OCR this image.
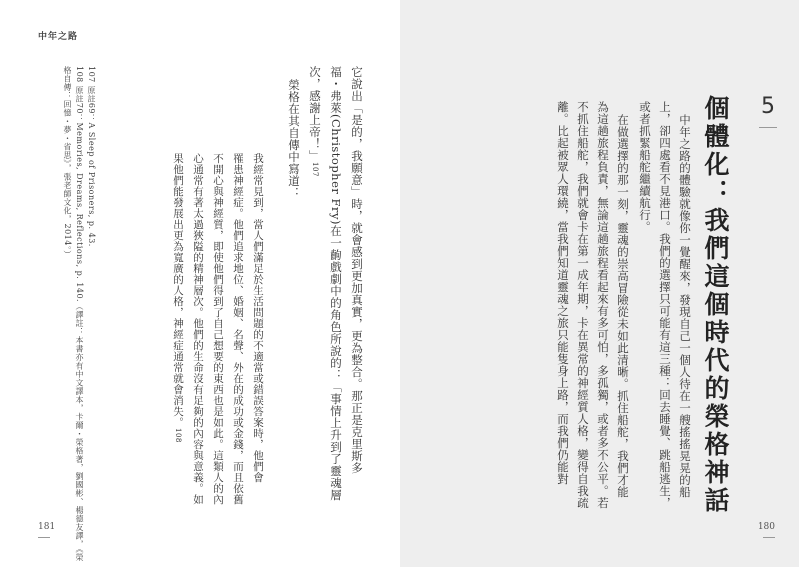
中年之路
它說出「是的，我願意」時，就會感到更加真實，更為整合。那正是克里斯多
福・弗萊(Christopher Fry)在一齣戲劇中的角色所說的：「事情上升到了靈魂層
次，感謝上帝！」107
榮格在其自傳中寫道：
我經常見到，當人們滿足於生活問題的不適當或錯誤答案時，他們會
罹患神經症。他們追求地位、婚姻、名聲、外在的成功或金錢，而且依舊
不開心與神經質，即使他們得到了自己想要的東西也是如此。這類人的內
心通常有著太過狹隘的精神層次。他們的生命沒有足夠的內容與意義。如
果他們能發展出更為寬廣的人格，神經症通常就會消失。108
107 原註69：A Sleep of Prisoners, p. 43.
108 原註70：Memories, Dreams, Reflections, p. 140.（譯註：本書亦有中文譯本，卡爾・榮格著，劉國彬、楊德友譯，《榮
格自傳：回憶・夢・省思》，張老師文化，2014。）
181
5
個體化：我們這個時代的榮格神話
中年之路的體驗就像你一覺醒來，發現自己一個人待在一艘搖搖晃晃的船
上，卻四處看不見港口。我們的選擇只可能有這三種：回去睡覺、跳船逃生，
或者抓緊船舵繼續航行。
在做選擇的那一刻，靈魂的崇高冒險從未如此清晰。抓住船舵，我們才能
為這趟旅程負責，無論這趟旅程看起來有多可怕，多孤獨，或者多不公平。若
不抓住船舵，我們就會卡在第一成年期，卡在異常的神經質人格，變得自我疏
離。比起被眾人環繞，當我們知道靈魂之旅只能隻身上路，而我們仍能對
180
